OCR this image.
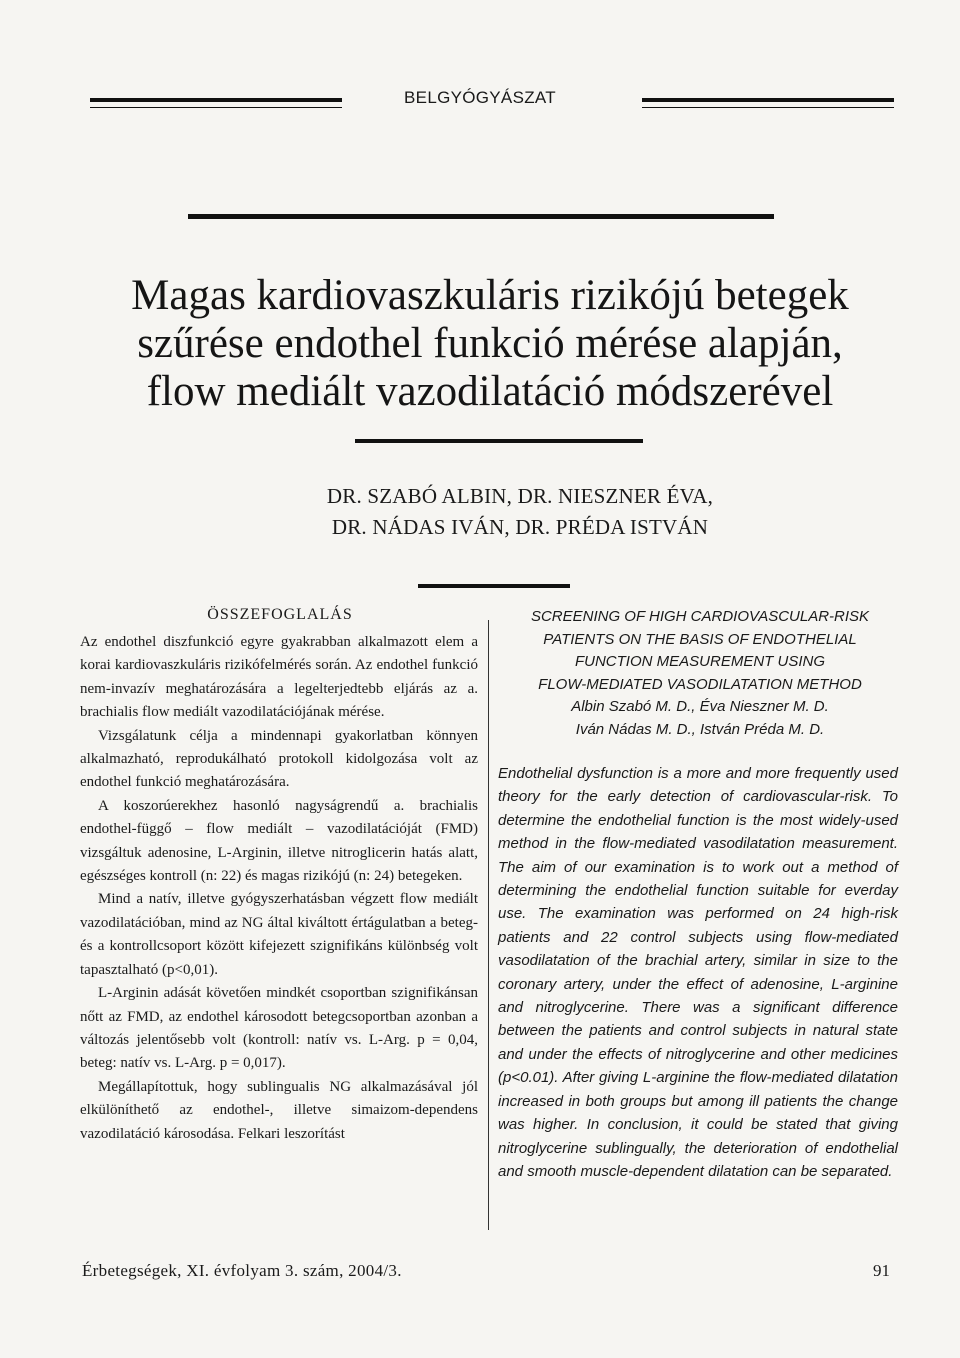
BELGYÓGYÁSZAT
Magas kardiovaszkuláris rizikójú betegek
szűrése endothel funkció mérése alapján,
flow mediált vazodilatáció módszerével
DR. SZABÓ ALBIN, DR. NIESZNER ÉVA,
DR. NÁDAS IVÁN, DR. PRÉDA ISTVÁN
ÖSSZEFOGLALÁS

Az endothel diszfunkció egyre gyakrabban alkalmazott elem a korai kardiovaszkuláris rizikófelmérés során. Az endothel funkció nem-invazív meghatározására a legelterjedtebb eljárás az a. brachialis flow mediált vazodilatációjának mérése.

Vizsgálatunk célja a mindennapi gyakorlatban könnyen alkalmazható, reprodukálható protokoll kidolgozása volt az endothel funkció meghatározására.

A koszorúerekhez hasonló nagyságrendű a. brachialis endothel-függő – flow mediált – vazodilatációját (FMD) vizsgáltuk adenosine, L-Arginin, illetve nitroglicerin hatás alatt, egészséges kontroll (n: 22) és magas rizikójú (n: 24) betegeken.

Mind a natív, illetve gyógyszerhatásban végzett flow mediált vazodilatációban, mind az NG által kiváltott értágulatban a beteg- és a kontrollcsoport között kifejezett szignifikáns különbség volt tapasztalható (p<0,01).

L-Arginin adását követően mindkét csoportban szignifikánsan nőtt az FMD, az endothel károsodott betegcsoportban azonban a változás jelentősebb volt (kontroll: natív vs. L-Arg. p = 0,04, beteg: natív vs. L-Arg. p = 0,017).

Megállapítottuk, hogy sublingualis NG alkalmazásával jól elkülöníthető az endothel-, illetve simaizom-dependens vazodilatáció károsodása. Felkari leszorítást

SCREENING OF HIGH CARDIOVASCULAR-RISK
PATIENTS ON THE BASIS OF ENDOTHELIAL
FUNCTION MEASUREMENT USING
FLOW-MEDIATED VASODILATATION METHOD
Albin Szabó M. D., Éva Nieszner M. D.
Iván Nádas M. D., István Préda M. D.

Endothelial dysfunction is a more and more frequently used theory for the early detection of cardiovascular-risk. To determine the endothelial function is the most widely-used method in the flow-mediated vasodilatation measurement. The aim of our examination is to work out a method of determining the endothelial function suitable for everday use. The examination was performed on 24 high-risk patients and 22 control subjects using flow-mediated vasodilatation of the brachial artery, similar in size to the coronary artery, under the effect of adenosine, L-arginine and nitroglycerine. There was a significant difference between the patients and control subjects in natural state and under the effects of nitroglycerine and other medicines (p<0.01). After giving L-arginine the flow-mediated dilatation increased in both groups but among ill patients the change was higher. In conclusion, it could be stated that giving nitroglycerine sublingually, the deterioration of endothelial and smooth muscle-dependent dilatation can be separated.

Érbetegségek, XI. évfolyam 3. szám, 2004/3.	91
